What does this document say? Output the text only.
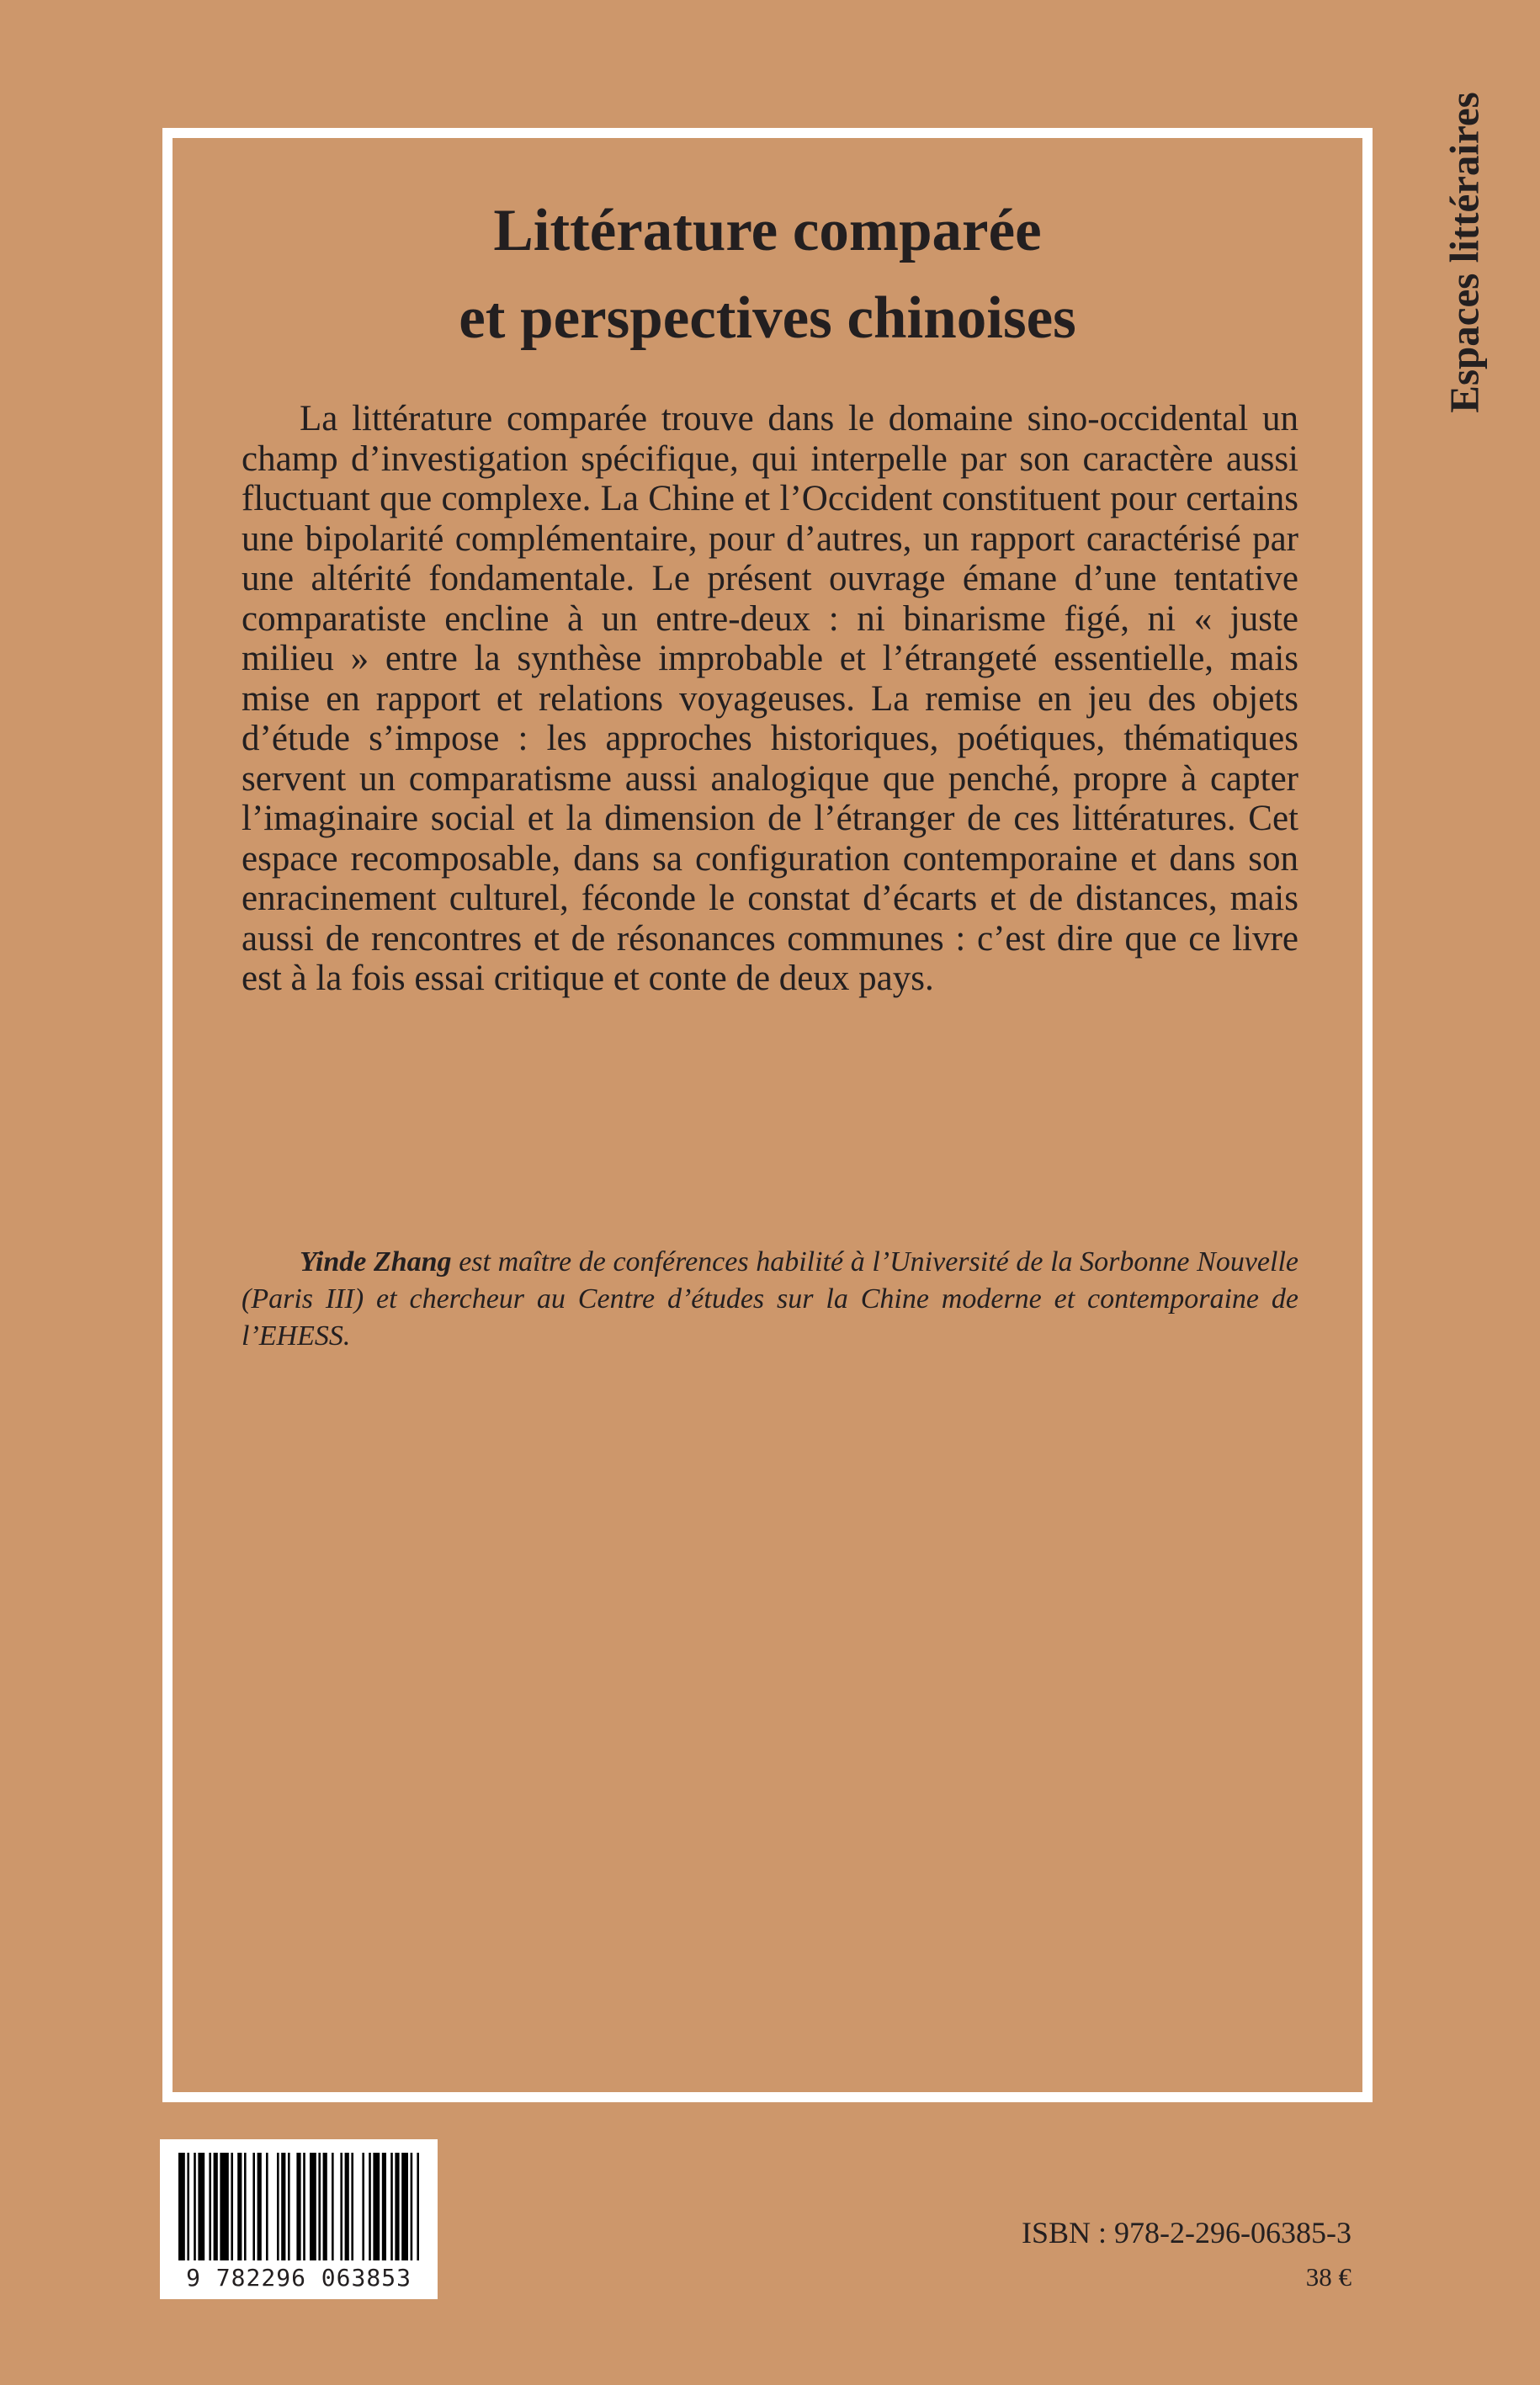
Littérature comparée
et perspectives chinoises

La littérature comparée trouve dans le domaine sino-occidental un champ d’investigation spécifique, qui interpelle par son caractère aussi fluctuant que complexe. La Chine et l’Occident constituent pour certains une bipolarité complémentaire, pour d’autres, un rapport caractérisé par une altérité fondamentale. Le présent ouvrage émane d’une tentative comparatiste encline à un entre-deux : ni binarisme figé, ni « juste milieu » entre la synthèse improbable et l’étrangeté essentielle, mais mise en rapport et relations voyageuses. La remise en jeu des objets d’étude s’impose : les approches historiques, poétiques, thématiques servent un comparatisme aussi analogique que penché, propre à capter l’imaginaire social et la dimension de l’étranger de ces littératures. Cet espace recomposable, dans sa configuration contemporaine et dans son enracinement culturel, féconde le constat d’écarts et de distances, mais aussi de rencontres et de résonances communes : c’est dire que ce livre est à la fois essai critique et conte de deux pays.

Yinde Zhang est maître de conférences habilité à l’Université de la Sorbonne Nouvelle (Paris III) et chercheur au Centre d’études sur la Chine moderne et contemporaine de l’EHESS.

Espaces littéraires

9 782296 063853

ISBN : 978-2-296-06385-3

38 €
